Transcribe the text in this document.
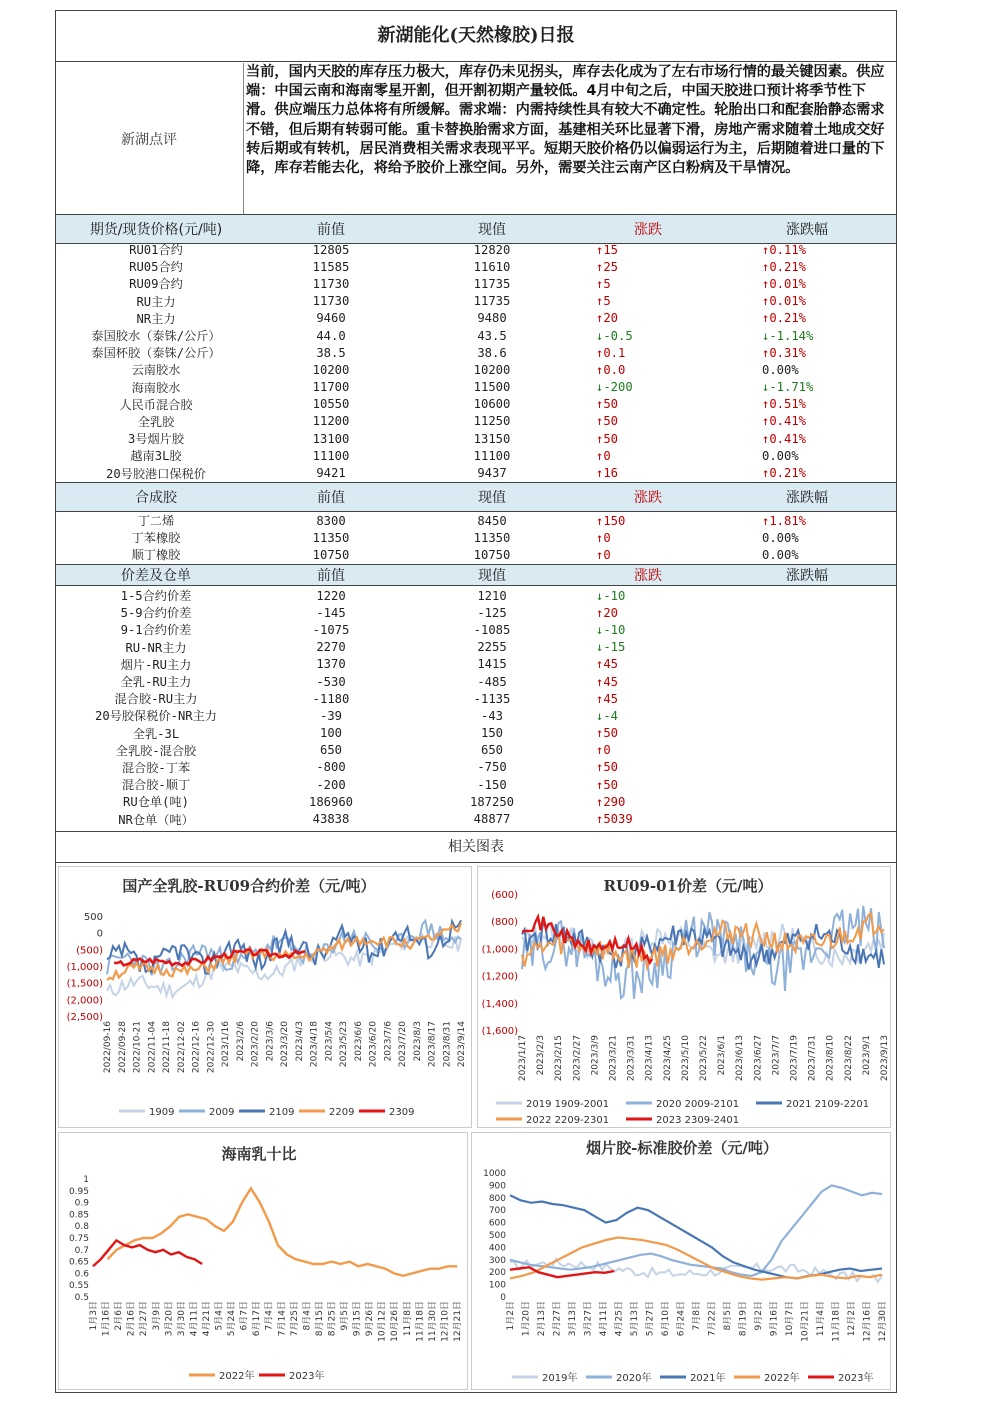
新湖能化(天然橡胶)日报
新湖点评
当前，国内天胶的库存压力极大，库存仍未见拐头，库存去化成为了左右市场行情的最关键因素。供应端：中国云南和海南零星开割，但开割初期产量较低。4月中旬之后，中国天胶进口预计将季节性下滑。供应端压力总体将有所缓解。需求端：内需持续性具有较大不确定性。轮胎出口和配套胎静态需求不错，但后期有转弱可能。重卡替换胎需求方面，基建相关环比显著下滑，房地产需求随着土地成交好转后期或有转机，居民消费相关需求表现平平。短期天胶价格仍以偏弱运行为主，后期随着进口量的下降，库存若能去化，将给予胶价上涨空间。另外，需要关注云南产区白粉病及干旱情况。
期货/现货价格(元/吨)	前值	现值	涨跌	涨跌幅
RU01合约	12805	12820	↑15	↑0.11%
RU05合约	11585	11610	↑25	↑0.21%
RU09合约	11730	11735	↑5	↑0.01%
RU主力	11730	11735	↑5	↑0.01%
NR主力	9460	9480	↑20	↑0.21%
泰国胶水（泰铢/公斤）	44.0	43.5	↓-0.5	↓-1.14%
泰国杯胶（泰铢/公斤）	38.5	38.6	↑0.1	↑0.31%
云南胶水	10200	10200	↑0.0	0.00%
海南胶水	11700	11500	↓-200	↓-1.71%
人民币混合胶	10550	10600	↑50	↑0.51%
全乳胶	11200	11250	↑50	↑0.41%
3号烟片胶	13100	13150	↑50	↑0.41%
越南3L胶	11100	11100	↑0	0.00%
20号胶港口保税价	9421	9437	↑16	↑0.21%
合成胶	前值	现值	涨跌	涨跌幅
丁二烯	8300	8450	↑150	↑1.81%
丁苯橡胶	11350	11350	↑0	0.00%
顺丁橡胶	10750	10750	↑0	0.00%
价差及仓单	前值	现值	涨跌	涨跌幅
1-5合约价差	1220	1210	↓-10
5-9合约价差	-145	-125	↑20
9-1合约价差	-1075	-1085	↓-10
RU-NR主力	2270	2255	↓-15
烟片-RU主力	1370	1415	↑45
全乳-RU主力	-530	-485	↑45
混合胶-RU主力	-1180	-1135	↑45
20号胶保税价-NR主力	-39	-43	↓-4
全乳-3L	100	150	↑50
全乳胶-混合胶	650	650	↑0
混合胶-丁苯	-800	-750	↑50
混合胶-顺丁	-200	-150	↑50
RU仓单(吨)	186960	187250	↑290
NR仓单（吨）	43838	48877	↑5039
相关图表
国产全乳胶-RU09合约价差（元/吨）
500
0
(500)
(1,000)
(1,500)
(2,000)
(2,500)
2022/09-16 2022/09-28 2022/10-21 2022/11-04 2022/11-18 2022/12-02 2022/12-16 2022/12-30 2023/1/16 2023/2/6 2023/2/20 2023/3/6 2023/3/20 2023/4/3 2023/4/18 2023/5/4 2023/5/23 2023/6/6 2023/6/20 2023/7/6 2023/7/20 2023/8/3 2023/8/17 2023/8/31 2023/9/14
1909	2009	2109	2209	2309
RU09-01价差（元/吨）
(600)
(800)
(1,000)
(1,200)
(1,400)
(1,600)
2023/1/17 2023/2/3 2023/2/15 2023/2/27 2023/3/9 2023/3/21 2023/3/31 2023/4/13 2023/4/25 2023/5/10 2023/5/22 2023/6/1 2023/6/13 2023/6/27 2023/7/7 2023/7/19 2023/7/31 2023/8/10 2023/8/22 2023/9/1 2023/9/13
2019 1909-2001	2020 2009-2101	2021 2109-2201
2022 2209-2301	2023 2309-2401
海南乳十比
1
0.95
0.9
0.85
0.8
0.75
0.7
0.65
0.6
0.55
0.5
1月3日 1月16日 2月6日 2月16日 2月27日 3月9日 3月20日 3月30日 4月11日 4月21日 5月4日 5月24日 6月7日 6月17日 7月4日 7月14日 7月25日 8月4日 8月15日 8月25日 9月5日 9月15日 9月26日 10月12日 10月26日 11月8日 11月18日 11月30日 12月10日 12月21日
2022年	2023年
烟片胶-标准胶价差（元/吨）
1000
900
800
700
600
500
400
300
200
100
0
1月2日 1月20日 2月13日 2月27日 3月13日 3月27日 4月11日 4月25日 5月13日 5月27日 6月10日 6月24日 7月8日 7月22日 8月5日 8月19日 9月2日 9月16日 10月7日 10月21日 11月4日 11月18日 12月2日 12月16日 12月30日
2019年	2020年	2021年	2022年	2023年
